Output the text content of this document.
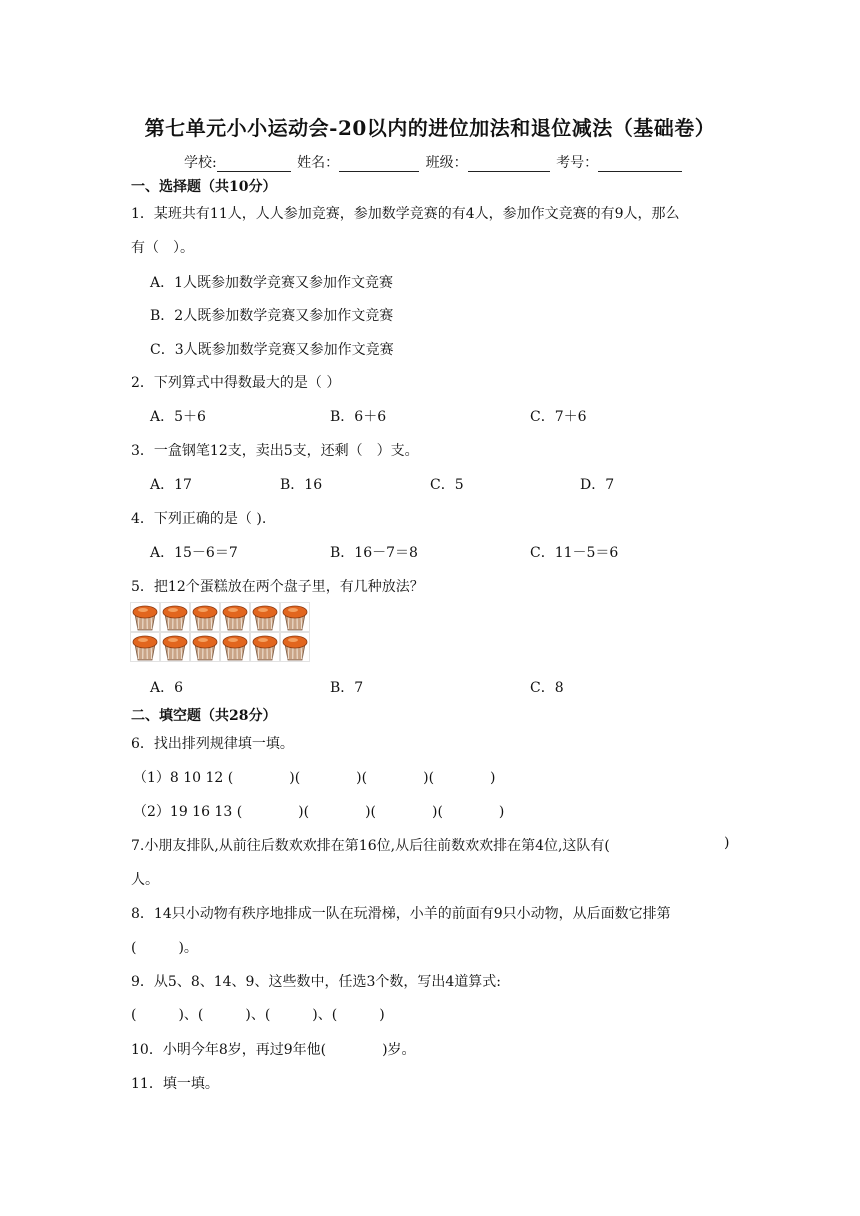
第七单元小小运动会-20以内的进位加法和退位减法（基础卷）
学校:	姓名：	班级：	考号：
一、选择题（共10分）
1．某班共有11人，人人参加竞赛，参加数学竞赛的有4人，参加作文竞赛的有9人，那么
有（　）。
A．1人既参加数学竞赛又参加作文竞赛
B．2人既参加数学竞赛又参加作文竞赛
C．3人既参加数学竞赛又参加作文竞赛
2．下列算式中得数最大的是（ ）
A．5＋6	B．6＋6	C．7＋6
3．一盒钢笔12支，卖出5支，还剩（　）支。
A．17	B．16	C．5	D．7
4．下列正确的是（ ).
A．15－6＝7	B．16－7＝8	C．11－5＝6
5．把12个蛋糕放在两个盘子里，有几种放法？
A．6	B．7	C．8
二、填空题（共28分）
6．找出排列规律填一填。
（1）8 10 12 (　　　　)(　　　　)(　　　　)(　　　　)
（2）19 16 13 (　　　　)(　　　　)(　　　　)(　　　　)
7.小朋友排队,从前往后数欢欢排在第16位,从后往前数欢欢排在第4位,这队有(	)
人。
8．14只小动物有秩序地排成一队在玩滑梯，小羊的前面有9只小动物，从后面数它排第
(　　　)。
9．从5、8、14、9、这些数中，任选3个数，写出4道算式:
(　　　)、(　　　)、(　　　)、(　　　)
10．小明今年8岁，再过9年他(　　　　)岁。
11．填一填。
